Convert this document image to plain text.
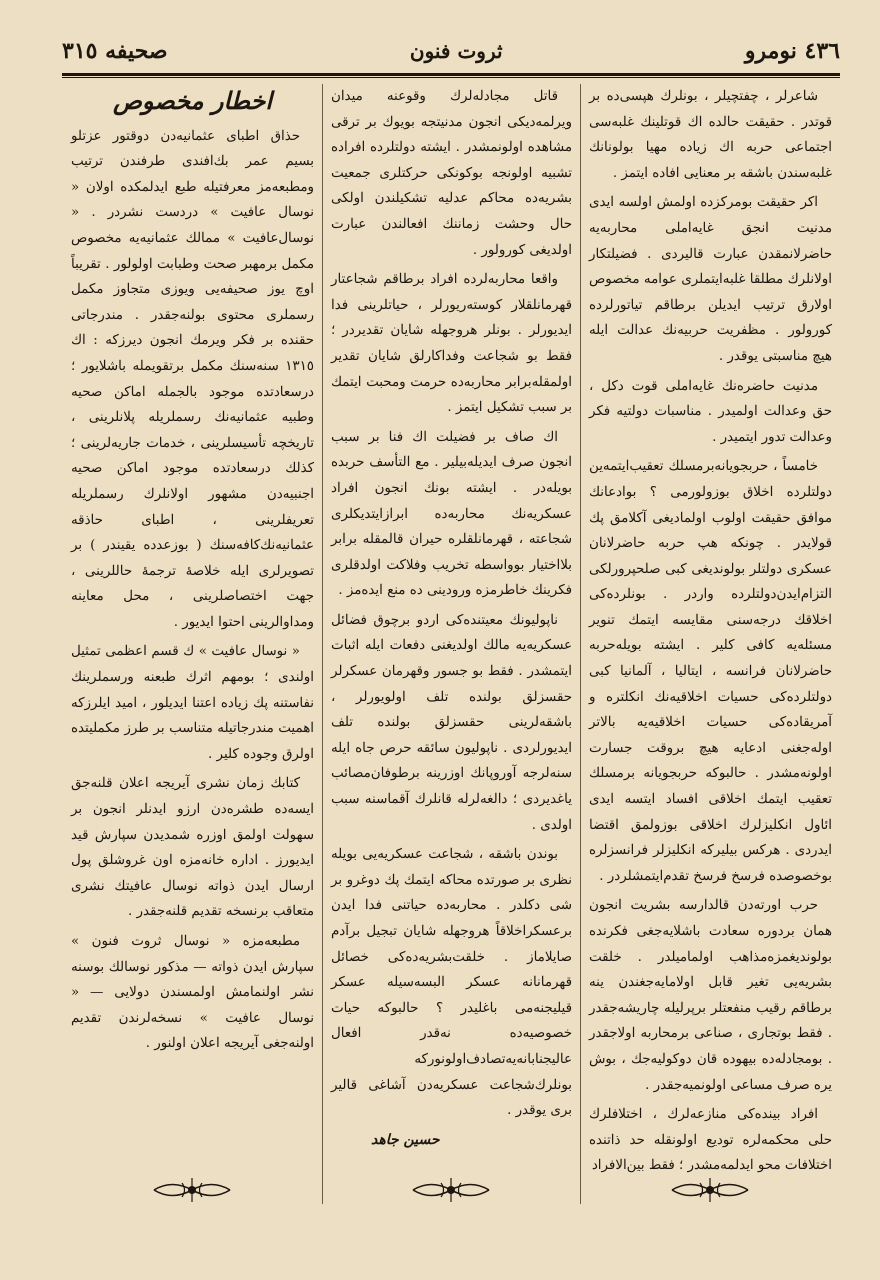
٤٣٦ نومرو
ثروت فنون
صحيفه ٣١٥

شاعرلر ، چفتچيلر ، بونلرك هپسى‌ده بر قوتدر . حقيقت حالده اك قوتلينك غلبه‌سى اجتماعى حربه اك زياده مهيا بولونانك غلبه‌سندن باشقه بر معنايى افاده ايتمز .

اكر حقيقت بومركزده اولمش اولسه ايدى مدنيت انجق غايه‌املى محاربه‌يه حاضرلانمقدن عبارت قاليردى . فضيلتكار اولانلرك مطلقا غلبه‌ايتملرى عوامه مخصوص اولارق ترتيب ايديلن برطاقم تياتورلرده كورولور . مظفريت حربيه‌نك عدالت ايله هيچ مناسبتى يوقدر .

مدنيت حاضره‌نك غايه‌املى قوت دكل ، حق وعدالت اولميدر . مناسبات دولتيه فكر وعدالت تدور ايتميدر .

خامساً ، حربجويانه‌برمسلك تعقيب‌ايتمه‌ين دولتلرده اخلاق بوزولورمى ؟ بوادعانك موافق حقيقت اولوب اولماديغى آكلامق پك قولايدر . چونكه هپ حربه حاضرلانان عسكرى دولتلر بولونديغى كبى صلحپرورلكى التزام‌ايدن‌دولتلرده واردر . بونلرده‌كى اخلاقك درجه‌سنى مقايسه ايتمك تنوير مسئله‌يه كافى كلير . ايشته بويله‌حربه حاضرلانان فرانسه ، ايتاليا ، آلمانيا كبى دولتلرده‌كى حسيات اخلاقيه‌نك انكلتره و آمريقاده‌كى حسيات اخلاقيه‌يه بالاتر اوله‌جغنى ادعايه هيچ بروقت جسارت اولونه‌مشدر . حالبوكه حربجويانه برمسلك تعقيب ايتمك اخلاقى افساد ايتسه ايدى ائاول انكليزلرك اخلاقى بوزولمق اقتضا ايدردى . هركس بيليركه انكليزلر فرانسزلره بوخصوصده فرسخ فرسخ تقدم‌ايتمشلردر .

حرب اورته‌دن قالدارسه بشريت انجون همان بردوره سعادت باشلايه‌جغى فكرنده بولونديغمزه‌مذاهب اولماميلدر . خلقت بشريه‌يى تغير قابل اولامايه‌جغندن ينه برطاقم رقيب منفعتلر برپرليله چاريشه‌جقدر . فقط بوتجارى ، صناعى برمحاربه اولاجقدر . بومجادله‌ده بيهوده قان دوكوليه‌جك ، بوش يره صرف مساعى اولونميه‌جقدر .

افراد بينده‌كى منازعه‌لرك ، اختلافلرك حلى محكمه‌لره توديع اولونقله حد ذاتنده اختلافات محو ايدلمه‌مشدر ؛ فقط بين‌الافراد

قاتل مجادله‌لرك وقوعنه ميدان ويرلمه‌ديكى انجون مدنيتجه بويوك بر ترقى مشاهده اولونمشدر . ايشته دولتلرده افراده تشبيه اولونجه بوكونكى حركتلرى جمعيت بشريه‌ده محاكم عدليه تشكيلندن اولكى حال وحشت زماننك افعالندن عبارت اولديغى كورولور .

واقعا محاربه‌لرده افراد برطاقم شجاعتار قهرمانلقلار كوسته‌ريورلر ، حياتلرينى فدا ايديورلر . بونلر هروجهله شايان تقديردر ؛ فقط بو شجاعت وفداكارلق شايان تقدير اولمقله‌برابر محاربه‌ده حرمت ومحبت ايتمك بر سبب تشكيل ايتمز .

اك صاف بر فضيلت اك فنا بر سبب انجون صرف ايديله‌بيلير . مع التأسف حربده بويله‌در . ايشته بونك انجون افراد عسكريه‌نك محاربه‌ده ابرازايتديكلرى شجاعته ، قهرمانلقلره حيران قالمقله برابر بلااختيار بوواسطه تخريب وفلاكت اولدقلرى فكرينك خاطرمزه ورودينى ده منع ايده‌مز .

ناپوليونك معيتنده‌كى اردو برچوق فضائل عسكريه‌يه مالك اولديغنى دفعات ايله اثبات ايتمشدر . فقط بو جسور وقهرمان عسكرلر حقسزلق بولنده تلف اولويورلر ، باشقه‌لرينى حقسزلق بولنده تلف ايديورلردى . ناپوليون سائقه حرص جاه ايله سنه‌لرجه آوروپانك اوزرينه برطوفان‌مصائب ياغديردى ؛ دالغه‌لرله قانلرك آقماسنه سبب اولدى .

بوندن باشقه ، شجاعت عسكريه‌يى بويله نظرى بر صورتده محاكه ايتمك پك دوغرو بر شى دكلدر . محاربه‌ده حياتنى فدا ايدن برعسكراخلاقاً هروجهله شايان تبجيل برآدم صايلاماز . خلقت‌بشريه‌ده‌كى خصائل قهرمانانه عسكر البسه‌سيله عسكر قيليجنه‌مى باغليدر ؟ حالبوكه حيات خصوصيه‌ده نه‌قدر افعال عاليجنابانه‌يه‌تصادف‌اولونوركه بونلرك‌شجاعت عسكريه‌دن آشاغى قالير برى يوقدر .

حسين جاهد
اخطار مخصوص

حذاق اطباى عثمانيه‌دن دوقتور عزتلو بسيم عمر بك‌افندى طرفندن ترتيب ومطبعه‌مز معرفتيله طبع ايدلمكده اولان « نوسال عافيت » دردست نشردر . « نوسال‌عافيت » ممالك عثمانيه‌يه مخصوص مكمل برمهبر صحت وطبابت اولولور . تقريباً اوچ يوز صحيفه‌يى ويوزى متجاوز مكمل رسملرى محتوى بولنه‌جقدر . مندرجاتى حقنده بر فكر ويرمك انجون ديرزكه : اك ١٣١٥ سنه‌سنك مكمل برتقويمله باشلايور ؛ درسعادتده موجود بالجمله اماكن صحيه وطبيه عثمانيه‌نك رسملريله پلانلرينى ، تاريخچه تأسيسلرينى ، خدمات جاريه‌لرينى ؛ كذلك درسعادتده موجود اماكن صحيه اجنبيه‌دن مشهور اولانلرك رسملريله تعريفلرينى ، اطباى حاذقه عثمانيه‌نك‌كافه‌سنك ( بوزعدده يقيندر ) بر تصويرلرى ايله خلاصهٔ ترجمهٔ حاللرينى ، جهت اختصاصلرينى ، محل معاينه ومداوالرينى احتوا ايديور .

« نوسال عافيت » ك قسم اعظمى تمثيل اولندى ؛ بومهم اثرك طبعنه ورسملرينك نفاستنه پك زياده اعتنا ايديلور ، اميد ايلرزكه اهميت مندرجاتيله متناسب بر طرز مكمليتده اولرق وجوده كلير .

كتابك زمان نشرى آيريجه اعلان قلنه‌جق ايسه‌ده طشره‌دن ارزو ايدنلر انجون بر سهولت اولمق اوزره شمديدن سپارش قيد ايديورز . اداره خانه‌مزه اون غروشلق پول ارسال ايدن ذواته نوسال عافيتك نشرى متعاقب برنسخه تقديم قلنه‌جقدر .

مطبعه‌مزه « نوسال ثروت فنون » سپارش ايدن ذواته — مذكور نوسالك بوسنه نشر اولنمامش اولمسندن دولايى — « نوسال عافيت » نسخه‌لرندن تقديم اولنه‌جغى آيريجه اعلان اولنور .
